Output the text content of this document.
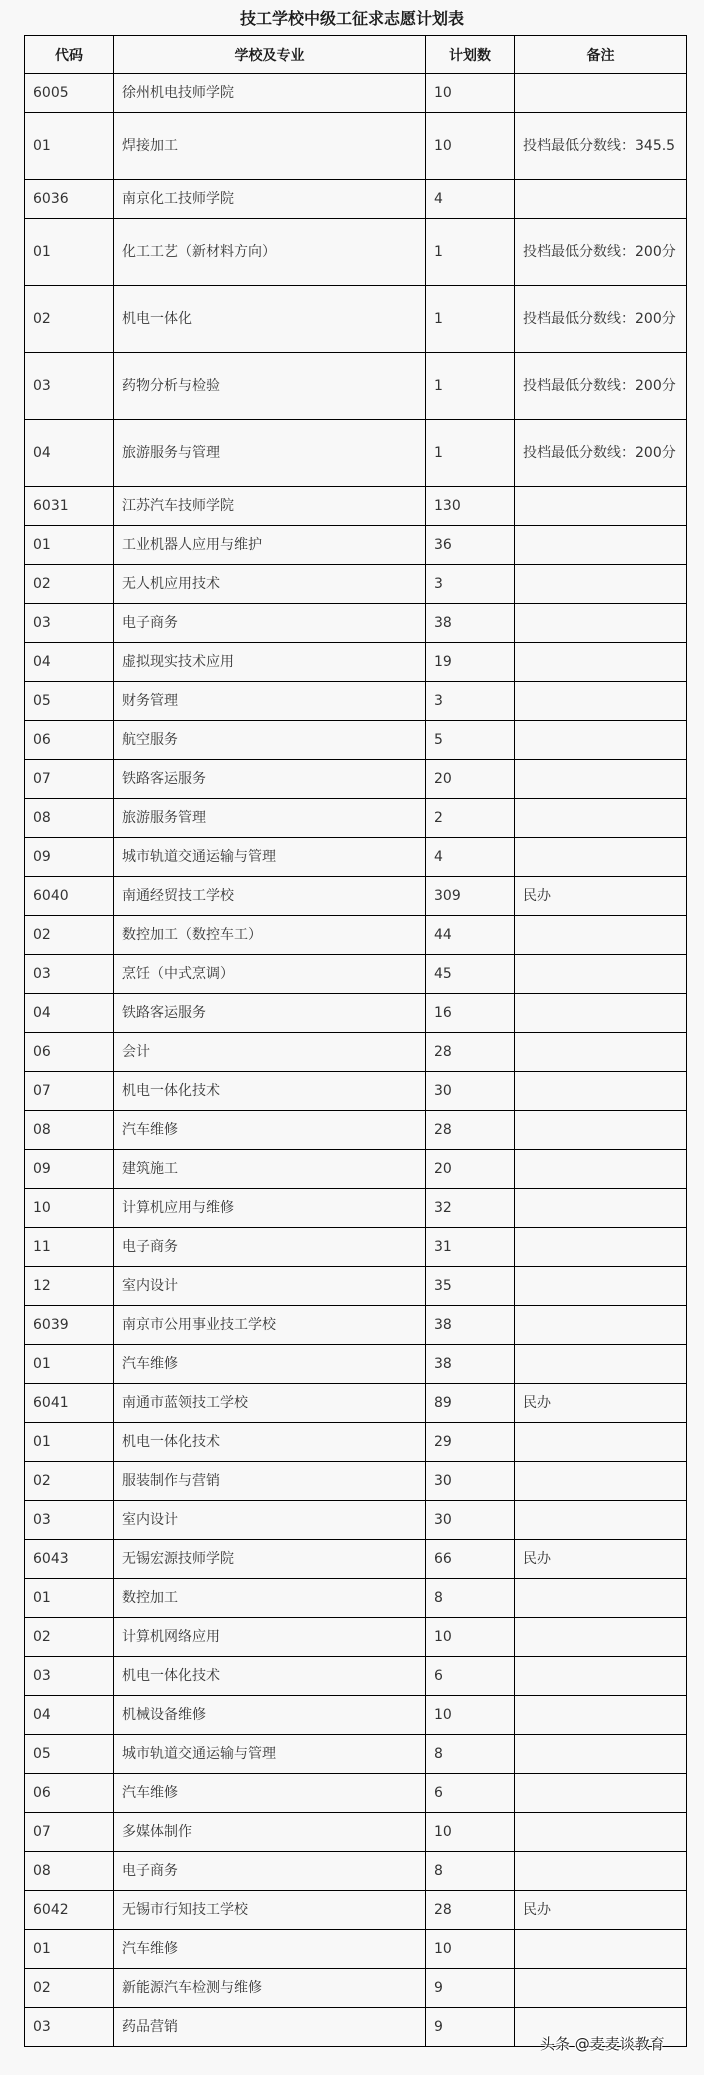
技工学校中级工征求志愿计划表
代码	学校及专业	计划数	备注
6005	徐州机电技师学院	10	
01	焊接加工	10	投档最低分数线：345.5

6036	南京化工技师学院	4	
01	化工工艺（新材料方向）	1	投档最低分数线：200分

02	机电一体化	1	投档最低分数线：200分

03	药物分析与检验	1	投档最低分数线：200分

04	旅游服务与管理	1	投档最低分数线：200分

6031	江苏汽车技师学院	130	
01	工业机器人应用与维护	36	
02	无人机应用技术	3	
03	电子商务	38	
04	虚拟现实技术应用	19	
05	财务管理	3	
06	航空服务	5	
07	铁路客运服务	20	
08	旅游服务管理	2	
09	城市轨道交通运输与管理	4	
6040	南通经贸技工学校	309	民办
02	数控加工（数控车工）	44	
03	烹饪（中式烹调）	45	
04	铁路客运服务	16	
06	会计	28	
07	机电一体化技术	30	
08	汽车维修	28	
09	建筑施工	20	
10	计算机应用与维修	32	
11	电子商务	31	
12	室内设计	35	
6039	南京市公用事业技工学校	38	
01	汽车维修	38	
6041	南通市蓝领技工学校	89	民办
01	机电一体化技术	29	
02	服装制作与营销	30	
03	室内设计	30	
6043	无锡宏源技师学院	66	民办
01	数控加工	8	
02	计算机网络应用	10	
03	机电一体化技术	6	
04	机械设备维修	10	
05	城市轨道交通运输与管理	8	
06	汽车维修	6	
07	多媒体制作	10	
08	电子商务	8	
6042	无锡市行知技工学校	28	民办
01	汽车维修	10	
02	新能源汽车检测与维修	9	
03	药品营销	9	
头条 @麦麦谈教育
